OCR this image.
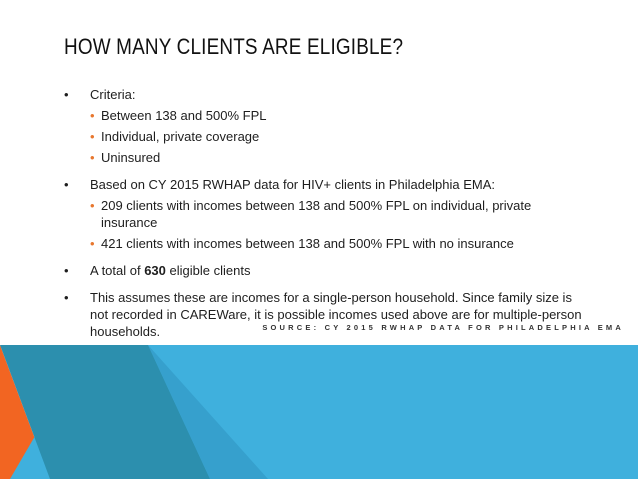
HOW MANY CLIENTS ARE ELIGIBLE?
• Criteria:
• Between 138 and 500% FPL
• Individual, private coverage
• Uninsured
• Based on CY 2015 RWHAP data for HIV+ clients in Philadelphia EMA:
• 209 clients with incomes between 138 and 500% FPL on individual, private insurance
• 421 clients with incomes between 138 and 500% FPL with no insurance
• A total of 630 eligible clients
• This assumes these are incomes for a single-person household. Since family size is not recorded in CAREWare, it is possible incomes used above are for multiple-person households.	SOURCE: CY 2015 RWHAP DATA FOR PHILADELPHIA EMA
